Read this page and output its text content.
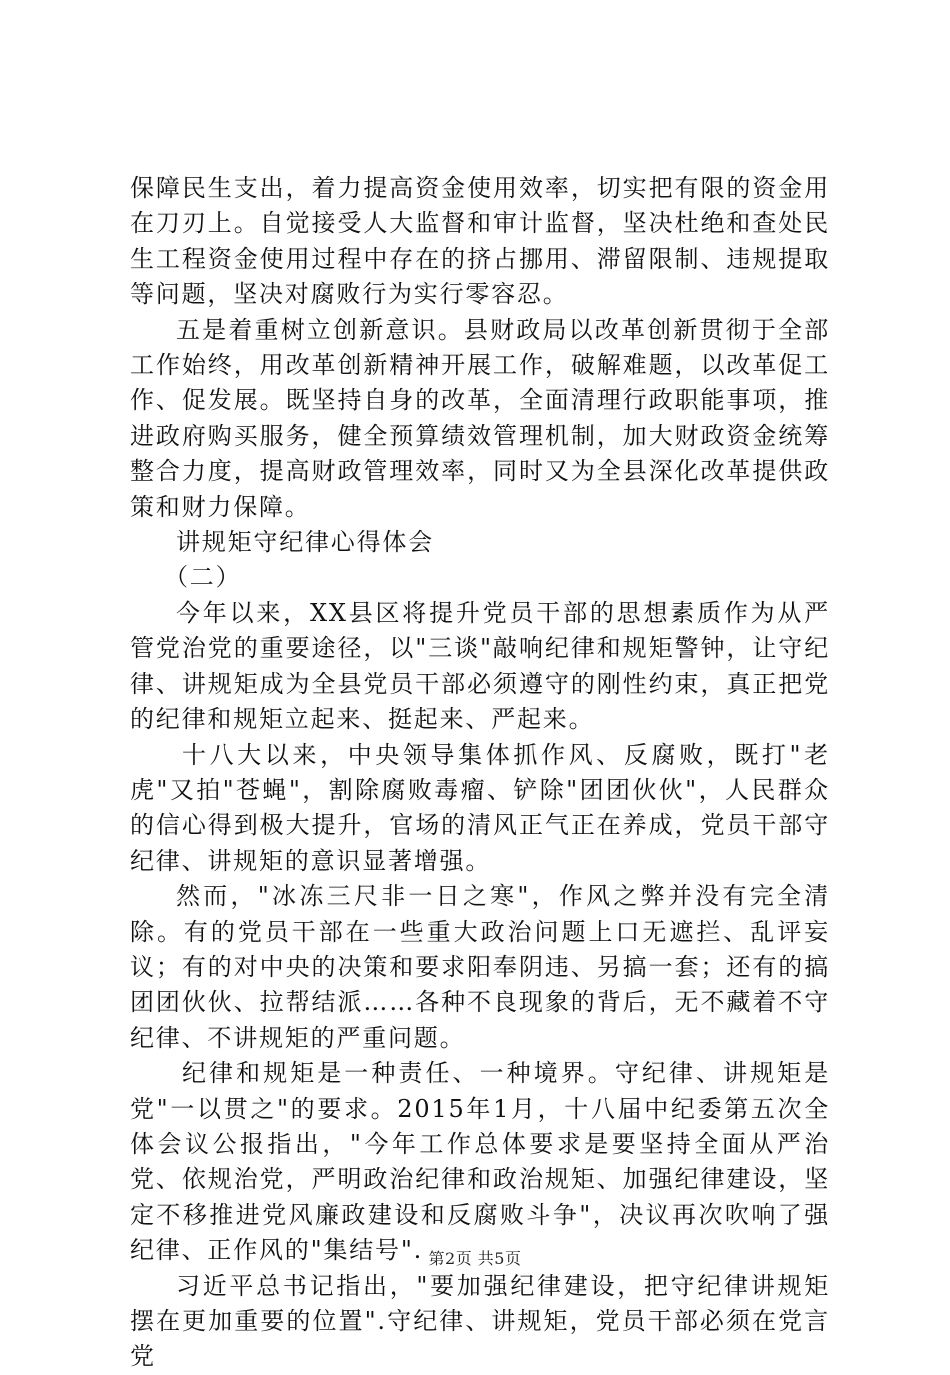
保障民生支出，着力提高资金使用效率，切实把有限的资金用在刀刃上。自觉接受人大监督和审计监督，坚决杜绝和查处民生工程资金使用过程中存在的挤占挪用、滞留限制、违规提取等问题，坚决对腐败行为实行零容忍。

五是着重树立创新意识。县财政局以改革创新贯彻于全部工作始终，用改革创新精神开展工作，破解难题，以改革促工作、促发展。既坚持自身的改革，全面清理行政职能事项，推进政府购买服务，健全预算绩效管理机制，加大财政资金统筹整合力度，提高财政管理效率，同时又为全县深化改革提供政策和财力保障。

讲规矩守纪律心得体会

（二）

今年以来，XX县区将提升党员干部的思想素质作为从严管党治党的重要途径，以"三谈"敲响纪律和规矩警钟，让守纪律、讲规矩成为全县党员干部必须遵守的刚性约束，真正把党的纪律和规矩立起来、挺起来、严起来。

十八大以来，中央领导集体抓作风、反腐败，既打"老虎"又拍"苍蝇"，割除腐败毒瘤、铲除"团团伙伙"，人民群众的信心得到极大提升，官场的清风正气正在养成，党员干部守纪律、讲规矩的意识显著增强。

然而，"冰冻三尺非一日之寒"，作风之弊并没有完全清除。有的党员干部在一些重大政治问题上口无遮拦、乱评妄议；有的对中央的决策和要求阳奉阴违、另搞一套；还有的搞团团伙伙、拉帮结派……各种不良现象的背后，无不藏着不守纪律、不讲规矩的严重问题。

纪律和规矩是一种责任、一种境界。守纪律、讲规矩是党"一以贯之"的要求。2015年1月，十八届中纪委第五次全体会议公报指出，"今年工作总体要求是要坚持全面从严治党、依规治党，严明政治纪律和政治规矩、加强纪律建设，坚定不移推进党风廉政建设和反腐败斗争"，决议再次吹响了强纪律、正作风的"集结号".

习近平总书记指出，"要加强纪律建设，把守纪律讲规矩摆在更加重要的位置".守纪律、讲规矩，党员干部必须在党言党

第2页 共5页
